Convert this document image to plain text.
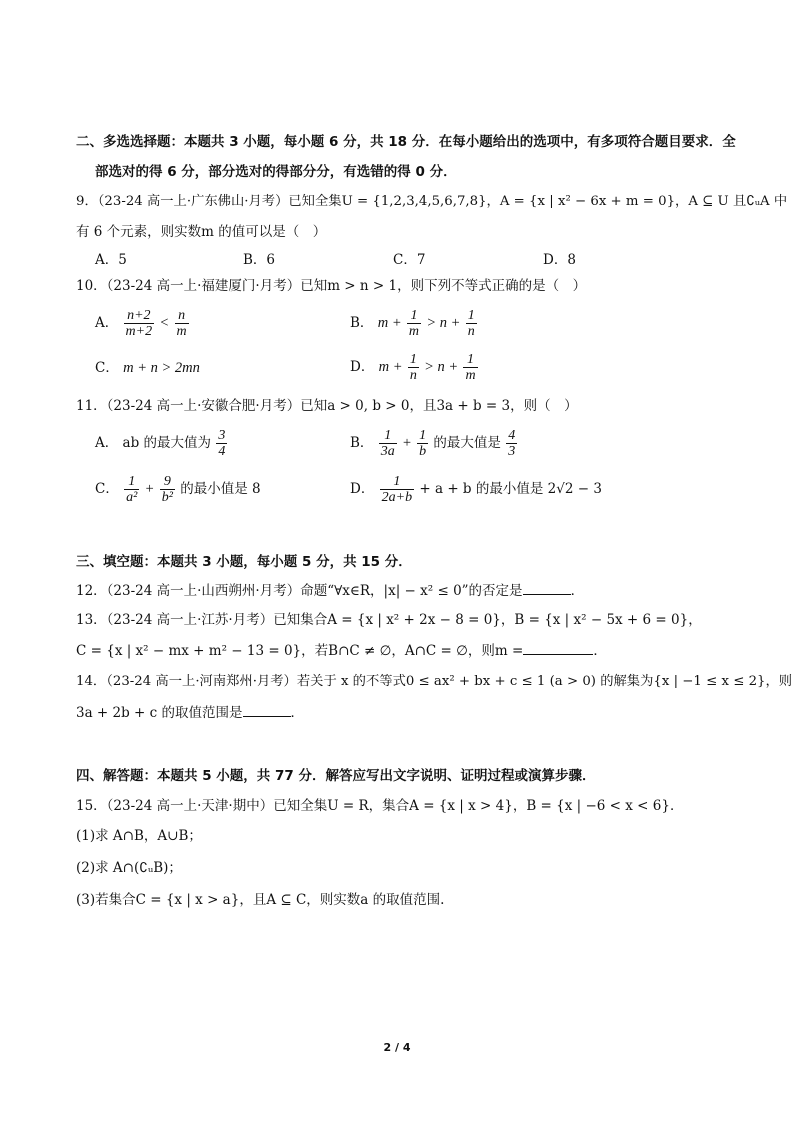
二、多选选择题：本题共 3 小题，每小题 6 分，共 18 分．在每小题给出的选项中，有多项符合题目要求．全
部选对的得 6 分，部分选对的得部分分，有选错的得 0 分．
9．（23-24 高一上·广东佛山·月考）已知全集U = {1,2,3,4,5,6,7,8}，A = {x | x² − 6x + m = 0}，A ⊆ U 且∁ᵤA 中
有 6 个元素，则实数m 的值可以是（　）
A．5	B．6	C．7	D．8
10．（23-24 高一上·福建厦门·月考）已知m > n > 1，则下列不等式正确的是（　）
A． $\frac{n+2}{m+2} < \frac{n}{m}$	B． $m + \frac{1}{m} > n + \frac{1}{n}$
C． m + n > 2mn	D． $m + \frac{1}{n} > n + \frac{1}{m}$
11．（23-24 高一上·安徽合肥·月考）已知a > 0, b > 0，且3a + b = 3，则（　）
A． ab 的最大值为 $\frac{3}{4}$	B． $\frac{1}{3a} + \frac{1}{b}$ 的最大值是 $\frac{4}{3}$
C． $\frac{1}{\text{a²}} + \frac{9}{\text{b²}}$ 的最小值是 8	D． $\frac{1}{2a+b} + a + b$ 的最小值是 2√2 − 3
三、填空题：本题共 3 小题，每小题 5 分，共 15 分．
12．（23-24 高一上·山西朔州·月考）命题“∀x∈R，|x| − x² ≤ 0”的否定是	．
13．（23-24 高一上·江苏·月考）已知集合A = {x | x² + 2x − 8 = 0}，B = {x | x² − 5x + 6 = 0}，
C = {x | x² − mx + m² − 13 = 0}，若B∩C ≠ ∅，A∩C = ∅，则m =	．
14．（23-24 高一上·河南郑州·月考）若关于 x 的不等式0 ≤ ax² + bx + c ≤ 1 (a > 0) 的解集为{x | −1 ≤ x ≤ 2}，则
3a + 2b + c 的取值范围是	．
四、解答题：本题共 5 小题，共 77 分．解答应写出文字说明、证明过程或演算步骤．
15．（23-24 高一上·天津·期中）已知全集U = R，集合A = {x | x > 4}，B = {x | −6 < x < 6}．
(1)求 A∩B，A∪B；
(2)求 A∩(∁ᵤB)；
(3)若集合C = {x | x > a}，且A ⊆ C，则实数a 的取值范围.
2 / 4
